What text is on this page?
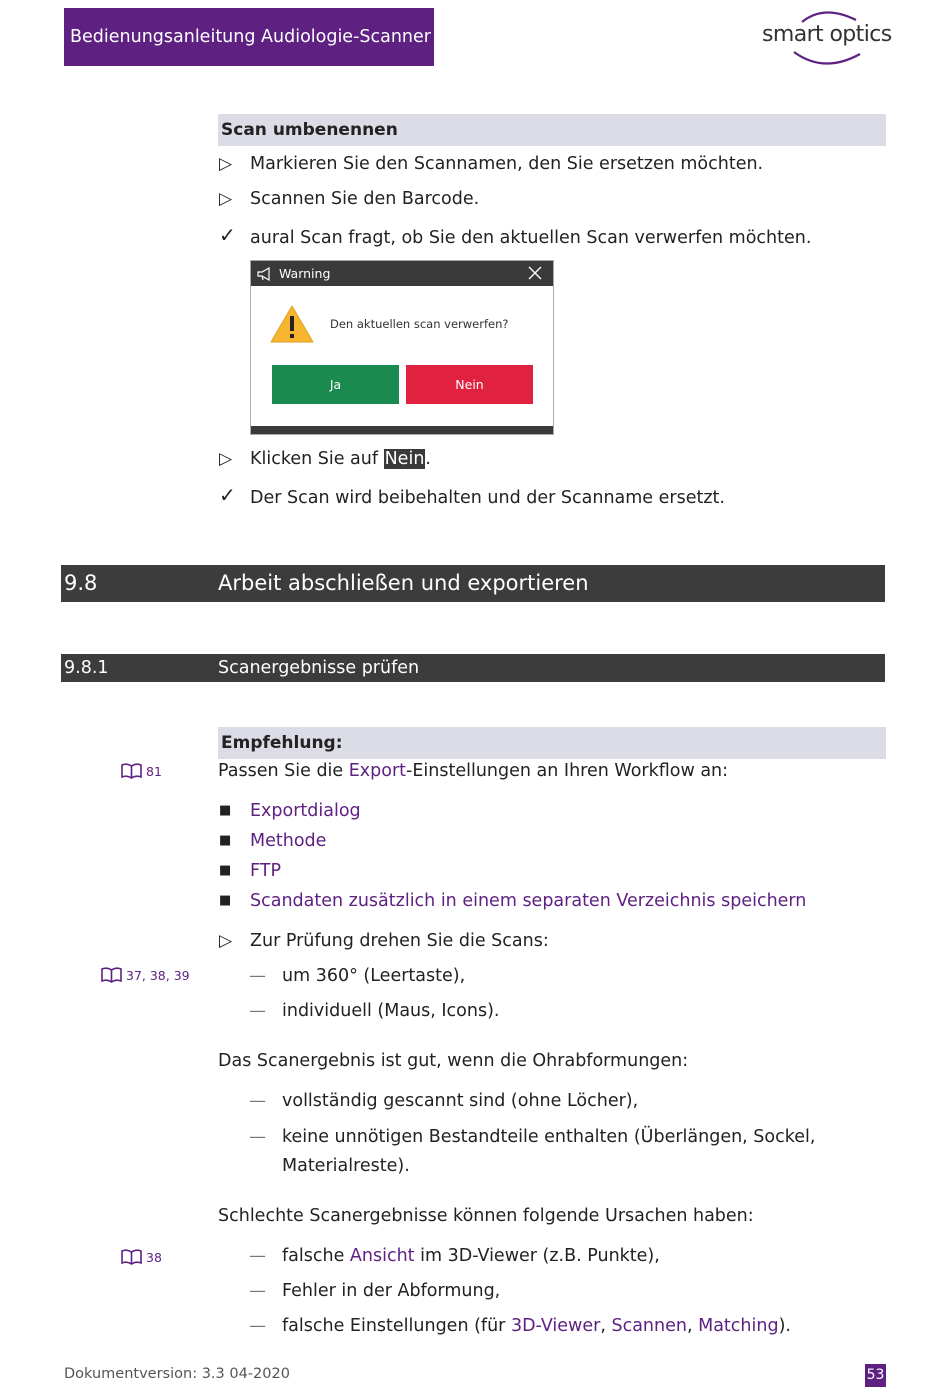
Bedienungsanleitung Audiologie-Scanner	smart optics
Scan umbenennen
▷ Markieren Sie den Scannamen, den Sie ersetzen möchten.
▷ Scannen Sie den Barcode.
✓ aural Scan fragt, ob Sie den aktuellen Scan verwerfen möchten.
Warning
Den aktuellen scan verwerfen?
Ja	Nein
▷ Klicken Sie auf Nein.
✓ Der Scan wird beibehalten und der Scanname ersetzt.
9.8	Arbeit abschließen und exportieren
9.8.1	Scanergebnisse prüfen
Empfehlung:
81	Passen Sie die Export-Einstellungen an Ihren Workflow an:
■ Exportdialog
■ Methode
■ FTP
■ Scandaten zusätzlich in einem separaten Verzeichnis speichern
▷ Zur Prüfung drehen Sie die Scans:
37, 38, 39	— um 360° (Leertaste),
— individuell (Maus, Icons).
Das Scanergebnis ist gut, wenn die Ohrabformungen:
— vollständig gescannt sind (ohne Löcher),
— keine unnötigen Bestandteile enthalten (Überlängen, Sockel,
Materialreste).
Schlechte Scanergebnisse können folgende Ursachen haben:
38	— falsche Ansicht im 3D-Viewer (z.B. Punkte),
— Fehler in der Abformung,
— falsche Einstellungen (für 3D-Viewer, Scannen, Matching).
Dokumentversion: 3.3 04-2020	53
